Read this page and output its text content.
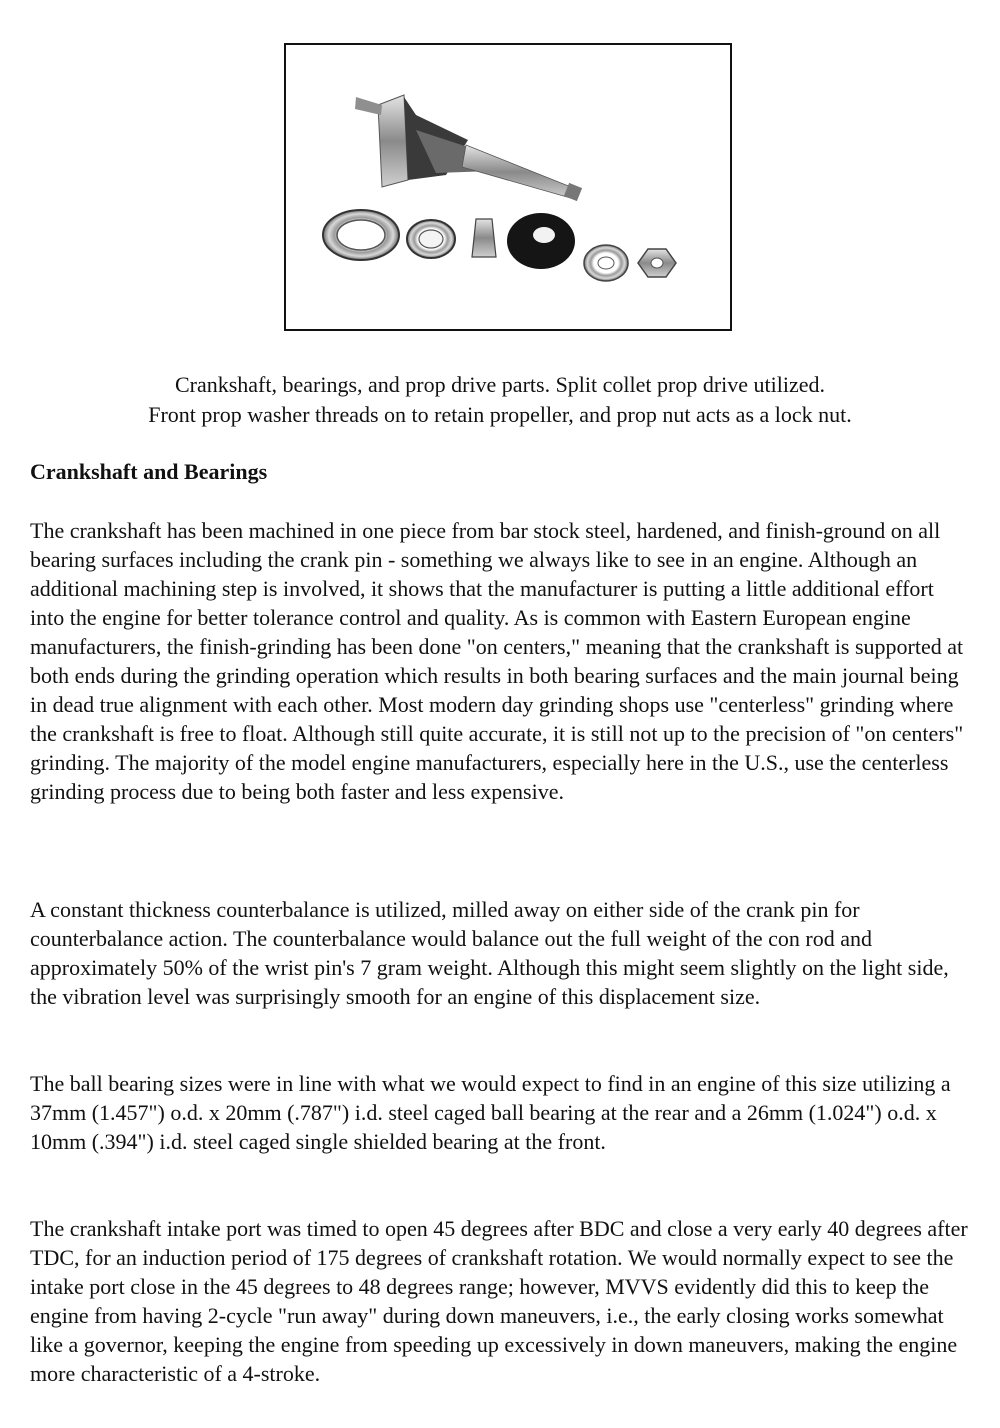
Crankshaft, bearings, and prop drive parts. Split collet prop drive utilized.

Front prop washer threads on to retain propeller, and prop nut acts as a lock nut.

Crankshaft and Bearings

The crankshaft has been machined in one piece from bar stock steel, hardened, and finish-ground on all bearing surfaces including the crank pin - something we always like to see in an engine. Although an additional machining step is involved, it shows that the manufacturer is putting a little additional effort into the engine for better tolerance control and quality. As is common with Eastern European engine manufacturers, the finish-grinding has been done "on centers," meaning that the crankshaft is supported at both ends during the grinding operation which results in both bearing surfaces and the main journal being in dead true alignment with each other. Most modern day grinding shops use "centerless" grinding where the crankshaft is free to float. Although still quite accurate, it is still not up to the precision of "on centers" grinding. The majority of the model engine manufacturers, especially here in the U.S., use the centerless grinding process due to being both faster and less expensive.

A constant thickness counterbalance is utilized, milled away on either side of the crank pin for counterbalance action. The counterbalance would balance out the full weight of the con rod and approximately 50% of the wrist pin's 7 gram weight. Although this might seem slightly on the light side, the vibration level was surprisingly smooth for an engine of this displacement size.

The ball bearing sizes were in line with what we would expect to find in an engine of this size utilizing a 37mm (1.457") o.d. x 20mm (.787") i.d. steel caged ball bearing at the rear and a 26mm (1.024") o.d. x 10mm (.394") i.d. steel caged single shielded bearing at the front.

The crankshaft intake port was timed to open 45 degrees after BDC and close a very early 40 degrees after TDC, for an induction period of 175 degrees of crankshaft rotation. We would normally expect to see the intake port close in the 45 degrees to 48 degrees range; however, MVVS evidently did this to keep the engine from having 2-cycle "run away" during down maneuvers, i.e., the early closing works somewhat like a governor, keeping the engine from speeding up excessively in down maneuvers, making the engine more characteristic of a 4-stroke.
